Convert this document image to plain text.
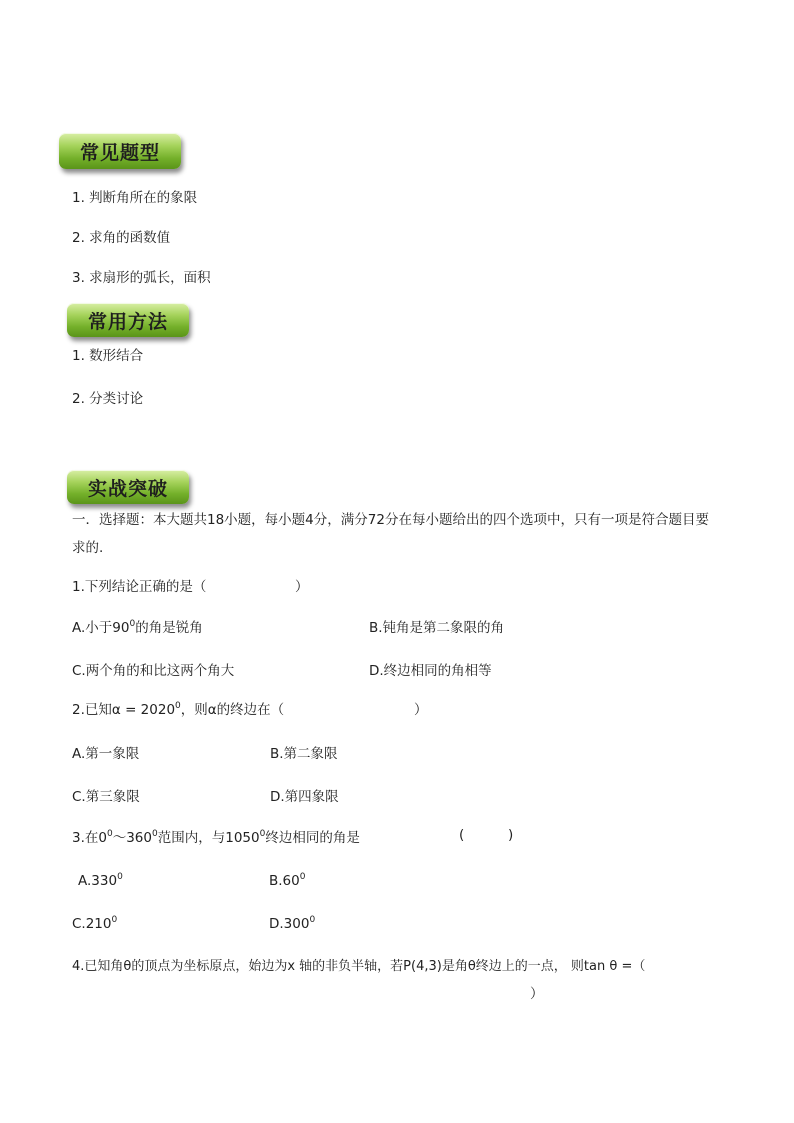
常见题型
1. 判断角所在的象限
2. 求角的函数值
3. 求扇形的弧长，面积
常用方法
1. 数形结合
2. 分类讨论
实战突破
一．选择题：本大题共18小题，每小题4分，满分72分在每小题给出的四个选项中，只有一项是符合题目要
求的.
1.下列结论正确的是（	）
A.小于$90^0$的角是锐角	B.钝角是第二象限的角
C.两个角的和比这两个角大	D.终边相同的角相等
2.已知$\alpha = 2020^0$，则α的终边在（	）
A.第一象限	B.第二象限
C.第三象限	D.第四象限
3.在$0^0\sim 360^0$范围内，与1050$^0$终边相同的角是	(	)
A.330$^0$	$B.60^0$
C.210$^0$	D.300$^0$
4.已知角θ的顶点为坐标原点，始边为x 轴的非负半轴，若P(4,3)是角θ终边上的一点， 则tan θ =（
）
